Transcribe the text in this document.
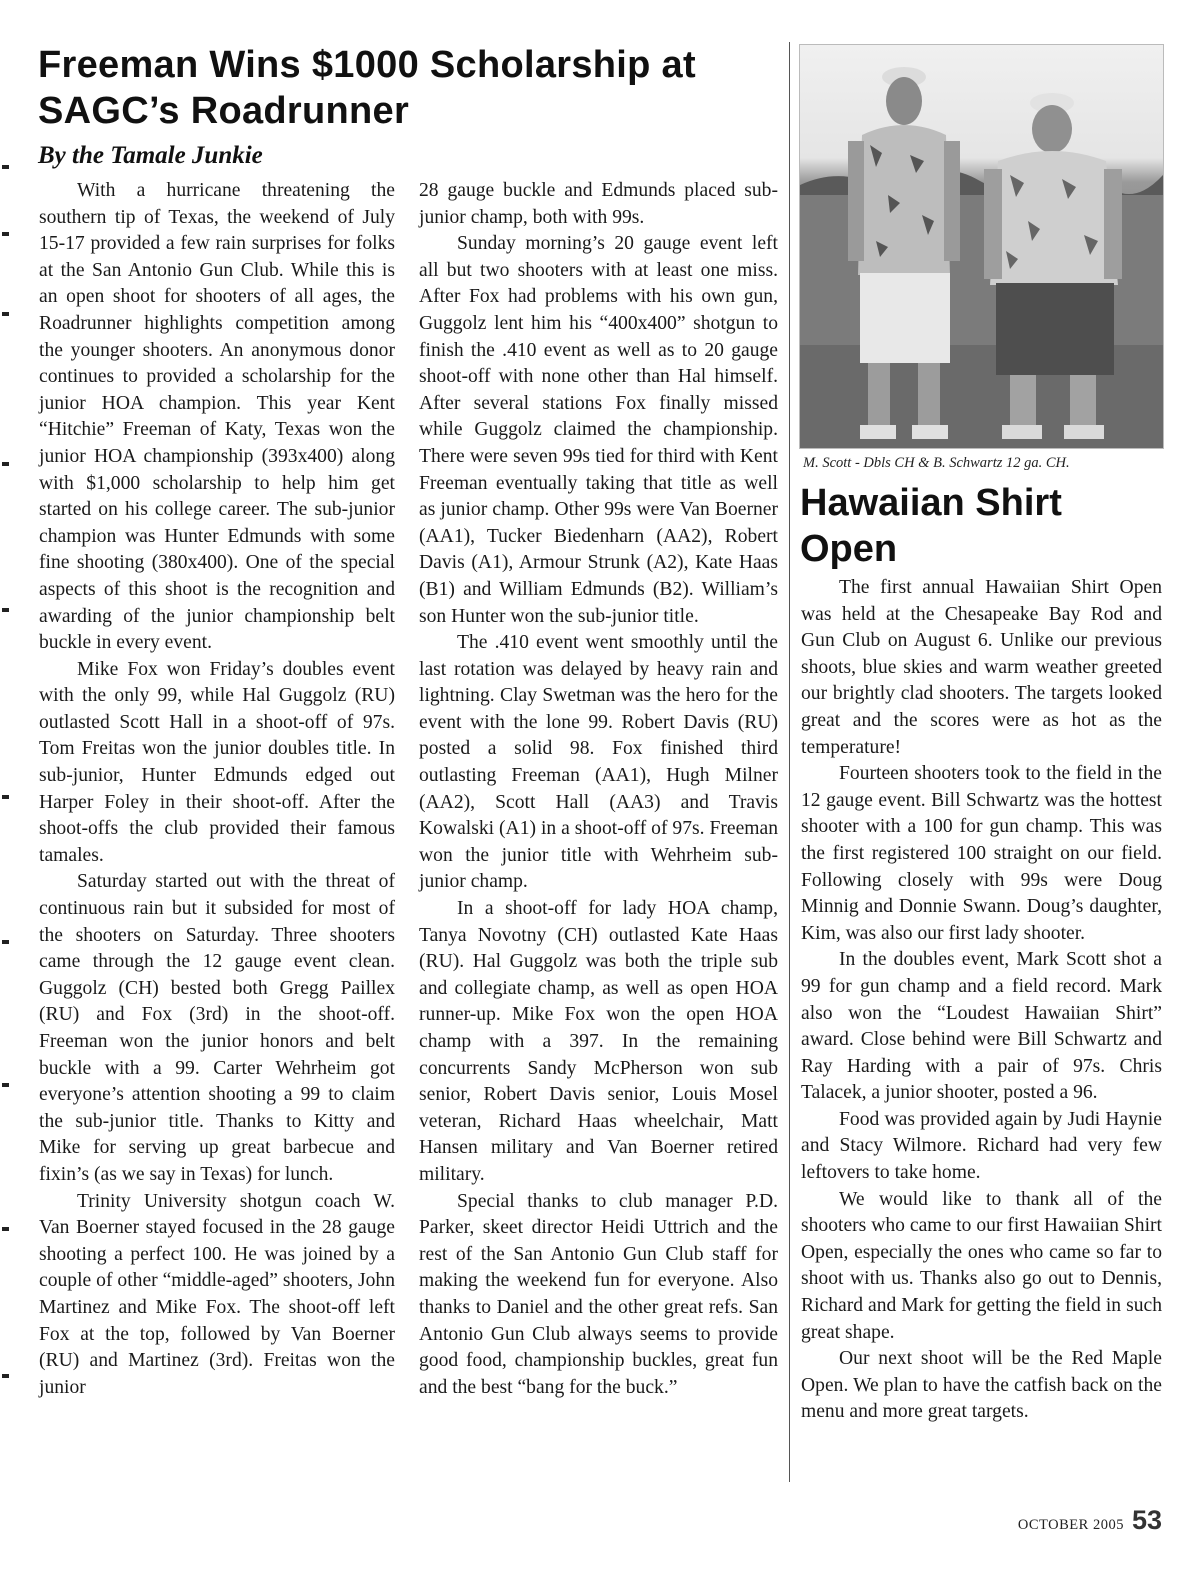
Freeman Wins $1000 Scholarship at SAGC’s Roadrunner

By the Tamale Junkie

With a hurricane threatening the southern tip of Texas, the weekend of July 15-17 provided a few rain surprises for folks at the San Antonio Gun Club. While this is an open shoot for shooters of all ages, the Roadrunner highlights competition among the younger shooters. An anonymous donor continues to provided a scholarship for the junior HOA champion. This year Kent “Hitchie” Freeman of Katy, Texas won the junior HOA championship (393x400) along with $1,000 scholarship to help him get started on his college career. The sub-junior champion was Hunter Edmunds with some fine shooting (380x400). One of the special aspects of this shoot is the recognition and awarding of the junior championship belt buckle in every event.

Mike Fox won Friday’s doubles event with the only 99, while Hal Guggolz (RU) outlasted Scott Hall in a shoot-off of 97s. Tom Freitas won the junior doubles title. In sub-junior, Hunter Edmunds edged out Harper Foley in their shoot-off. After the shoot-offs the club provided their famous tamales.

Saturday started out with the threat of continuous rain but it subsided for most of the shooters on Saturday. Three shooters came through the 12 gauge event clean. Guggolz (CH) bested both Gregg Paillex (RU) and Fox (3rd) in the shoot-off. Freeman won the junior honors and belt buckle with a 99. Carter Wehrheim got everyone’s attention shooting a 99 to claim the sub-junior title. Thanks to Kitty and Mike for serving up great barbecue and fixin’s (as we say in Texas) for lunch.

Trinity University shotgun coach W. Van Boerner stayed focused in the 28 gauge shooting a perfect 100. He was joined by a couple of other “middle-aged” shooters, John Martinez and Mike Fox. The shoot-off left Fox at the top, followed by Van Boerner (RU) and Martinez (3rd). Freitas won the junior

28 gauge buckle and Edmunds placed sub-junior champ, both with 99s.

Sunday morning’s 20 gauge event left all but two shooters with at least one miss. After Fox had problems with his own gun, Guggolz lent him his “400x400” shotgun to finish the .410 event as well as to 20 gauge shoot-off with none other than Hal himself. After several stations Fox finally missed while Guggolz claimed the championship. There were seven 99s tied for third with Kent Freeman eventually taking that title as well as junior champ. Other 99s were Van Boerner (AA1), Tucker Biedenharn (AA2), Robert Davis (A1), Armour Strunk (A2), Kate Haas (B1) and William Edmunds (B2). William’s son Hunter won the sub-junior title.

The .410 event went smoothly until the last rotation was delayed by heavy rain and lightning. Clay Swetman was the hero for the event with the lone 99. Robert Davis (RU) posted a solid 98. Fox finished third outlasting Freeman (AA1), Hugh Milner (AA2), Scott Hall (AA3) and Travis Kowalski (A1) in a shoot-off of 97s. Freeman won the junior title with Wehrheim sub-junior champ.

In a shoot-off for lady HOA champ, Tanya Novotny (CH) outlasted Kate Haas (RU). Hal Guggolz was both the triple sub and collegiate champ, as well as open HOA runner-up. Mike Fox won the open HOA champ with a 397. In the remaining concurrents Sandy McPherson won sub senior, Robert Davis senior, Louis Mosel veteran, Richard Haas wheelchair, Matt Hansen military and Van Boerner retired military.

Special thanks to club manager P.D. Parker, skeet director Heidi Uttrich and the rest of the San Antonio Gun Club staff for making the weekend fun for everyone. Also thanks to Daniel and the other great refs. San Antonio Gun Club always seems to provide good food, championship buckles, great fun and the best “bang for the buck.”

M. Scott - Dbls CH & B. Schwartz 12 ga. CH.

Hawaiian Shirt Open

The first annual Hawaiian Shirt Open was held at the Chesapeake Bay Rod and Gun Club on August 6. Unlike our previous shoots, blue skies and warm weather greeted our brightly clad shooters. The targets looked great and the scores were as hot as the temperature!

Fourteen shooters took to the field in the 12 gauge event. Bill Schwartz was the hottest shooter with a 100 for gun champ. This was the first registered 100 straight on our field. Following closely with 99s were Doug Minnig and Donnie Swann. Doug’s daughter, Kim, was also our first lady shooter.

In the doubles event, Mark Scott shot a 99 for gun champ and a field record. Mark also won the “Loudest Hawaiian Shirt” award. Close behind were Bill Schwartz and Ray Harding with a pair of 97s. Chris Talacek, a junior shooter, posted a 96.

Food was provided again by Judi Haynie and Stacy Wilmore. Richard had very few leftovers to take home.

We would like to thank all of the shooters who came to our first Hawaiian Shirt Open, especially the ones who came so far to shoot with us. Thanks also go out to Dennis, Richard and Mark for getting the field in such great shape.

Our next shoot will be the Red Maple Open. We plan to have the catfish back on the menu and more great targets.

OCTOBER 2005 53
